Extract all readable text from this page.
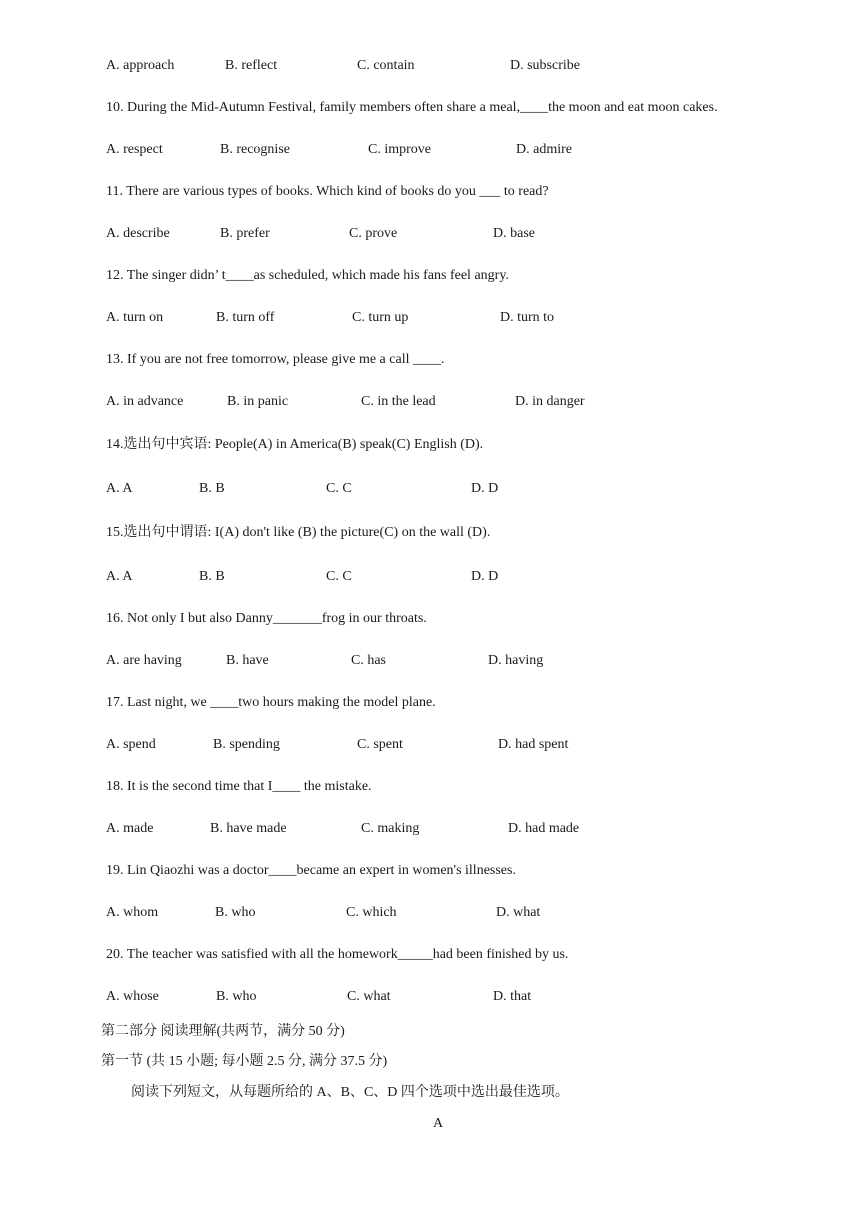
A. approach	B. reflect	C. contain	D. subscribe
10. During the Mid-Autumn Festival, family members often share a meal,____the moon and eat moon cakes.
A. respect	B. recognise	C. improve	D. admire
11. There are various types of books. Which kind of books do you ___ to read?
A. describe	B. prefer	C. prove	D. base
12. The singer didn’ t____as scheduled, which made his fans feel angry.
A. turn on	B. turn off	C. turn up	D. turn to
13. If you are not free tomorrow, please give me a call ____.
A. in advance	B. in panic	C. in the lead	D. in danger
14.选出句中宾语: People(A) in America(B) speak(C) English (D).
A. A	B. B	C. C	D. D
15.选出句中谓语: I(A) don't like (B) the picture(C) on the wall (D).
A. A	B. B	C. C	D. D
16. Not only I but also Danny_______frog in our throats.
A. are having	B. have	C. has	D. having
17. Last night, we ____two hours making the model plane.
A. spend	B. spending	C. spent	D. had spent
18. It is the second time that I____ the mistake.
A. made	B. have made	C. making	D. had made
19. Lin Qiaozhi was a doctor____became an expert in women's illnesses.
A. whom	B. who	C. which	D. what
20. The teacher was satisfied with all the homework_____had been finished by us.
A. whose	B. who	C. what	D. that
第二部分 阅读理解(共两节，满分 50 分)
第一节 (共 15 小题; 每小题 2.5 分, 满分 37.5 分)
阅读下列短文，从每题所给的 A、B、C、D 四个选项中选出最佳选项。
A
